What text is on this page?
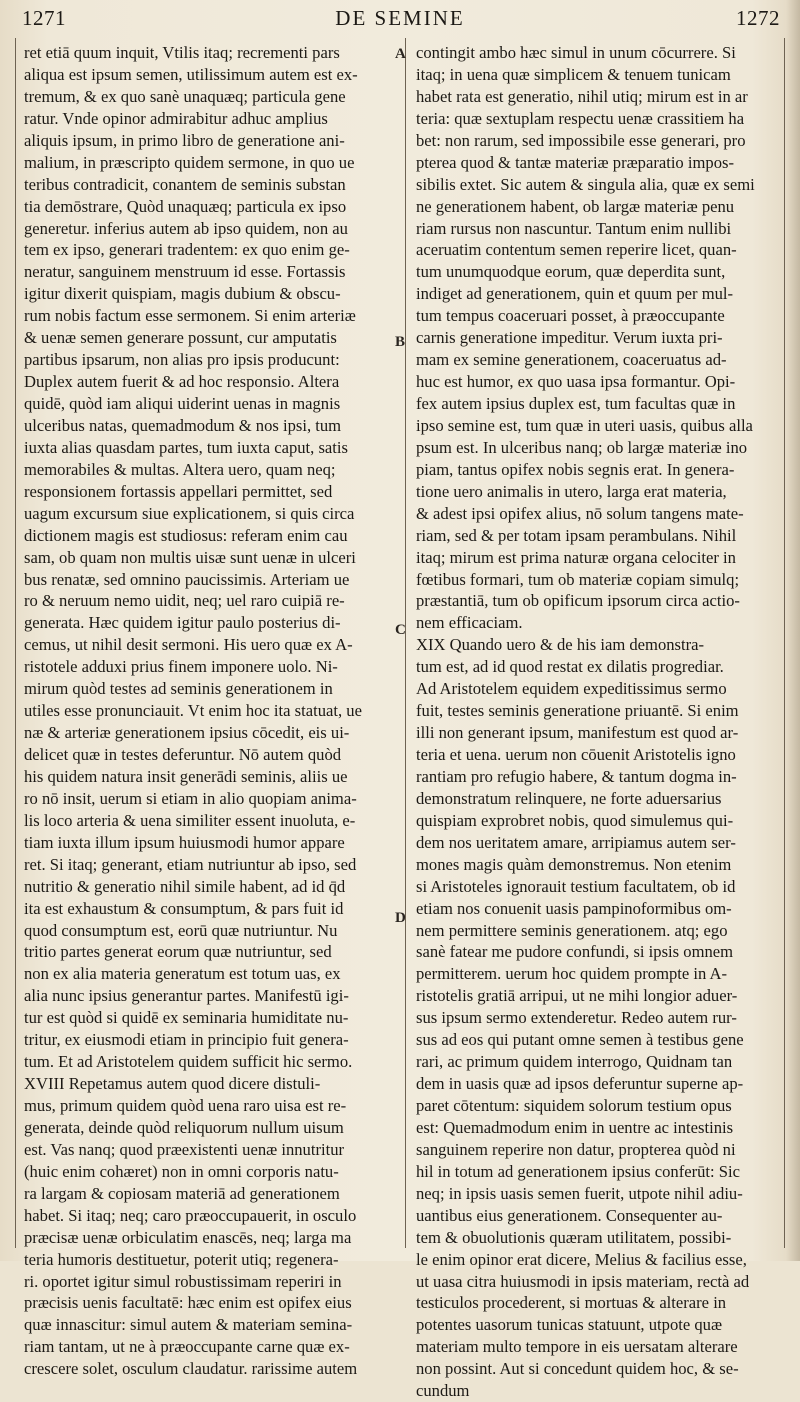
1271	DE SEMINE	1272
A
B
C
D
ret etiā quum inquit, Vtilis itaq; recrementi pars
aliqua est ipsum semen, utilissimum autem est ex-
tremum, & ex quo sanè unaquæq; particula gene
ratur. Vnde opinor admirabitur adhuc amplius
aliquis ipsum, in primo libro de generatione ani-
malium, in præscripto quidem sermone, in quo ue
teribus contradicit, conantem de seminis substan
tia demōstrare, Quòd unaquæq; particula ex ipso
generetur. inferius autem ab ipso quidem, non au
tem ex ipso, generari tradentem: ex quo enim ge-
neratur, sanguinem menstruum id esse. Fortassis
igitur dixerit quispiam, magis dubium & obscu-
rum nobis factum esse sermonem. Si enim arteriæ
& uenæ semen generare possunt, cur amputatis
partibus ipsarum, non alias pro ipsis producunt:
Duplex autem fuerit & ad hoc responsio. Altera
quidē, quòd iam aliqui uiderint uenas in magnis
ulceribus natas, quemadmodum & nos ipsi, tum
iuxta alias quasdam partes, tum iuxta caput, satis
memorabiles & multas. Altera uero, quam neq;
responsionem fortassis appellari permittet, sed
uagum excursum siue explicationem, si quis circa
dictionem magis est studiosus: referam enim cau
sam, ob quam non multis uisæ sunt uenæ in ulceri
bus renatæ, sed omnino paucissimis. Arteriam ue
ro & neruum nemo uidit, neq; uel raro cuipiā re-
generata. Hæc quidem igitur paulo posterius di-
cemus, ut nihil desit sermoni. His uero quæ ex A-
ristotele adduxi prius finem imponere uolo. Ni-
mirum quòd testes ad seminis generationem in
utiles esse pronunciauit. Vt enim hoc ita statuat, ue
næ & arteriæ generationem ipsius cōcedit, eis ui-
delicet quæ in testes deferuntur. Nō autem quòd
his quidem natura insit generādi seminis, aliis ue
ro nō insit, uerum si etiam in alio quopiam anima-
lis loco arteria & uena similiter essent inuoluta, e-
tiam iuxta illum ipsum huiusmodi humor appare
ret. Si itaq; generant, etiam nutriuntur ab ipso, sed
nutritio & generatio nihil simile habent, ad id q̄d
ita est exhaustum & consumptum, & pars fuit id
quod consumptum est, eorū quæ nutriuntur. Nu
tritio partes generat eorum quæ nutriuntur, sed
non ex alia materia generatum est totum uas, ex
alia nunc ipsius generantur partes. Manifestū igi-
tur est quòd si quidē ex seminaria humiditate nu-
tritur, ex eiusmodi etiam in principio fuit genera-
tum. Et ad Aristotelem quidem sufficit hic sermo.
XVIII Repetamus autem quod dicere distuli-
mus, primum quidem quòd uena raro uisa est re-
generata, deinde quòd reliquorum nullum uisum
est. Vas nanq; quod præexistenti uenæ innutritur
(huic enim cohæret) non in omni corporis natu-
ra largam & copiosam materiā ad generationem
habet. Si itaq; neq; caro præoccupauerit, in osculo
præcisæ uenæ orbiculatim enascēs, neq; larga ma
teria humoris destituetur, poterit utiq; regenera-
ri. oportet igitur simul robustissimam reperiri in
præcisis uenis facultatē: hæc enim est opifex eius
quæ innascitur: simul autem & materiam semina-
riam tantam, ut ne à præoccupante carne quæ ex-
crescere solet, osculum claudatur. rarissime autem
contingit ambo hæc simul in unum cōcurrere. Si
itaq; in uena quæ simplicem & tenuem tunicam
habet rata est generatio, nihil utiq; mirum est in ar
teria: quæ sextuplam respectu uenæ crassitiem ha
bet: non rarum, sed impossibile esse generari, pro
pterea quod & tantæ materiæ præparatio impos-
sibilis extet. Sic autem & singula alia, quæ ex semi
ne generationem habent, ob largæ materiæ penu
riam rursus non nascuntur. Tantum enim nullibi
aceruatim contentum semen reperire licet, quan-
tum unumquodque eorum, quæ deperdita sunt,
indiget ad generationem, quin et quum per mul-
tum tempus coaceruari posset, à præoccupante
carnis generatione impeditur. Verum iuxta pri-
mam ex semine generationem, coaceruatus ad-
huc est humor, ex quo uasa ipsa formantur. Opi-
fex autem ipsius duplex est, tum facultas quæ in
ipso semine est, tum quæ in uteri uasis, quibus alla
psum est. In ulceribus nanq; ob largæ materiæ ino
piam, tantus opifex nobis segnis erat. In genera-
tione uero animalis in utero, larga erat materia,
& adest ipsi opifex alius, nō solum tangens mate-
riam, sed & per totam ipsam perambulans. Nihil
itaq; mirum est prima naturæ organa celociter in
fœtibus formari, tum ob materiæ copiam simulq;
præstantiā, tum ob opificum ipsorum circa actio-
nem efficaciam.
XIX Quando uero & de his iam demonstra-
tum est, ad id quod restat ex dilatis progrediar.
Ad Aristotelem equidem expeditissimus sermo
fuit, testes seminis generatione priuantē. Si enim
illi non generant ipsum, manifestum est quod ar-
teria et uena. uerum non cōuenit Aristotelis igno
rantiam pro refugio habere, & tantum dogma in-
demonstratum relinquere, ne forte aduersarius
quispiam exprobret nobis, quod simulemus qui-
dem nos ueritatem amare, arripiamus autem ser-
mones magis quàm demonstremus. Non etenim
si Aristoteles ignorauit testium facultatem, ob id
etiam nos conuenit uasis pampinoformibus om-
nem permittere seminis generationem. atq; ego
sanè fatear me pudore confundi, si ipsis omnem
permitterem. uerum hoc quidem prompte in A-
ristotelis gratiā arripui, ut ne mihi longior aduer-
sus ipsum sermo extenderetur. Redeo autem rur-
sus ad eos qui putant omne semen à testibus gene
rari, ac primum quidem interrogo, Quidnam tan
dem in uasis quæ ad ipsos deferuntur superne ap-
paret cōtentum: siquidem solorum testium opus
est: Quemadmodum enim in uentre ac intestinis
sanguinem reperire non datur, propterea quòd ni
hil in totum ad generationem ipsius conferūt: Sic
neq; in ipsis uasis semen fuerit, utpote nihil adiu-
uantibus eius generationem. Consequenter au-
tem & obuolutionis quæram utilitatem, possibi-
le enim opinor erat dicere, Melius & facilius esse,
ut uasa citra huiusmodi in ipsis materiam, rectà ad
testiculos procederent, si mortuas & alterare in
potentes uasorum tunicas statuunt, utpote quæ
materiam multo tempore in eis uersatam alterare
non possint. Aut si concedunt quidem hoc, & se-
cundum
